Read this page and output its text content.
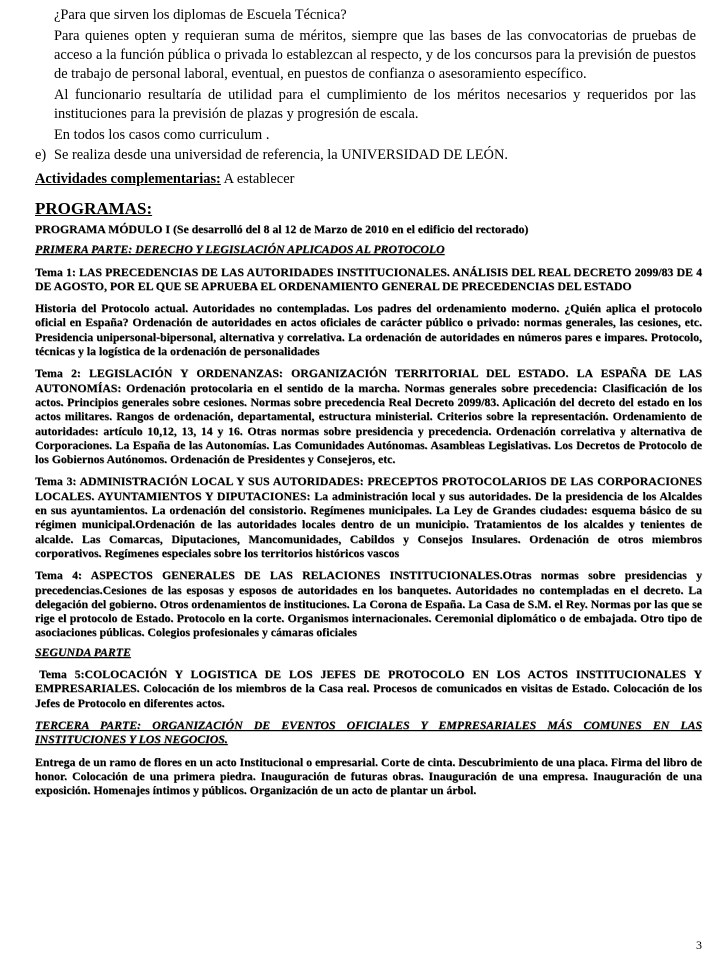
¿Para que sirven los diplomas de Escuela Técnica?

Para quienes opten y requieran suma de méritos, siempre que las bases de las convocatorias de pruebas de acceso a la función pública o privada lo establezcan al respecto, y de los concursos para la previsión de puestos de trabajo de personal laboral, eventual, en puestos de confianza o asesoramiento específico.

Al funcionario resultaría de utilidad para el cumplimiento de los méritos necesarios y requeridos por las instituciones para la previsión de plazas y progresión de escala.

En todos los casos como curriculum .

e) Se realiza desde una universidad de referencia, la UNIVERSIDAD DE LEÓN.

Actividades complementarias: A establecer

PROGRAMAS:

PROGRAMA MÓDULO I (Se desarrolló del 8 al 12 de Marzo de 2010 en el edificio del rectorado)

PRIMERA PARTE: DERECHO Y LEGISLACIÓN APLICADOS AL PROTOCOLO

Tema 1: LAS PRECEDENCIAS DE LAS AUTORIDADES INSTITUCIONALES. ANÁLISIS DEL REAL DECRETO 2099/83 DE 4 DE AGOSTO, POR EL QUE SE APRUEBA EL ORDENAMIENTO GENERAL DE PRECEDENCIAS DEL ESTADO

Historia del Protocolo actual. Autoridades no contempladas. Los padres del ordenamiento moderno. ¿Quién aplica el protocolo oficial en España? Ordenación de autoridades en actos oficiales de carácter público o privado: normas generales, las cesiones, etc. Presidencia unipersonal-bipersonal, alternativa y correlativa. La ordenación de autoridades en números pares e impares. Protocolo, técnicas y la logística de la ordenación de personalidades

Tema 2: LEGISLACIÓN Y ORDENANZAS: ORGANIZACIÓN TERRITORIAL DEL ESTADO. LA ESPAÑA DE LAS AUTONOMÍAS: Ordenación protocolaria en el sentido de la marcha. Normas generales sobre precedencia: Clasificación de los actos. Principios generales sobre cesiones. Normas sobre precedencia Real Decreto 2099/83. Aplicación del decreto del estado en los actos militares. Rangos de ordenación, departamental, estructura ministerial. Criterios sobre la representación. Ordenamiento de autoridades: artículo 10,12, 13, 14 y 16. Otras normas sobre presidencia y precedencia. Ordenación correlativa y alternativa de Corporaciones. La España de las Autonomías. Las Comunidades Autónomas. Asambleas Legislativas. Los Decretos de Protocolo de los Gobiernos Autónomos. Ordenación de Presidentes y Consejeros, etc.

Tema 3: ADMINISTRACIÓN LOCAL Y SUS AUTORIDADES: PRECEPTOS PROTOCOLARIOS DE LAS CORPORACIONES LOCALES. AYUNTAMIENTOS Y DIPUTACIONES: La administración local y sus autoridades. De la presidencia de los Alcaldes en sus ayuntamientos. La ordenación del consistorio. Regímenes municipales. La Ley de Grandes ciudades: esquema básico de su régimen municipal.Ordenación de las autoridades locales dentro de un municipio. Tratamientos de los alcaldes y tenientes de alcalde. Las Comarcas, Diputaciones, Mancomunidades, Cabildos y Consejos Insulares. Ordenación de otros miembros corporativos. Regímenes especiales sobre los territorios históricos vascos

Tema 4: ASPECTOS GENERALES DE LAS RELACIONES INSTITUCIONALES.Otras normas sobre presidencias y precedencias.Cesiones de las esposas y esposos de autoridades en los banquetes. Autoridades no contempladas en el decreto. La delegación del gobierno. Otros ordenamientos de instituciones. La Corona de España. La Casa de S.M. el Rey. Normas por las que se rige el protocolo de Estado. Protocolo en la corte. Organismos internacionales. Ceremonial diplomático o de embajada. Otro tipo de asociaciones públicas. Colegios profesionales y cámaras oficiales

SEGUNDA PARTE

Tema 5:COLOCACIÓN Y LOGISTICA DE LOS JEFES DE PROTOCOLO EN LOS ACTOS INSTITUCIONALES Y EMPRESARIALES. Colocación de los miembros de la Casa real. Procesos de comunicados en visitas de Estado. Colocación de los Jefes de Protocolo en diferentes actos.

TERCERA PARTE: ORGANIZACIÓN DE EVENTOS OFICIALES Y EMPRESARIALES MÁS COMUNES EN LAS INSTITUCIONES Y LOS NEGOCIOS.

Entrega de un ramo de flores en un acto Institucional o empresarial. Corte de cinta. Descubrimiento de una placa. Firma del libro de honor. Colocación de una primera piedra. Inauguración de futuras obras. Inauguración de una empresa. Inauguración de una exposición. Homenajes íntimos y públicos. Organización de un acto de plantar un árbol.

3
